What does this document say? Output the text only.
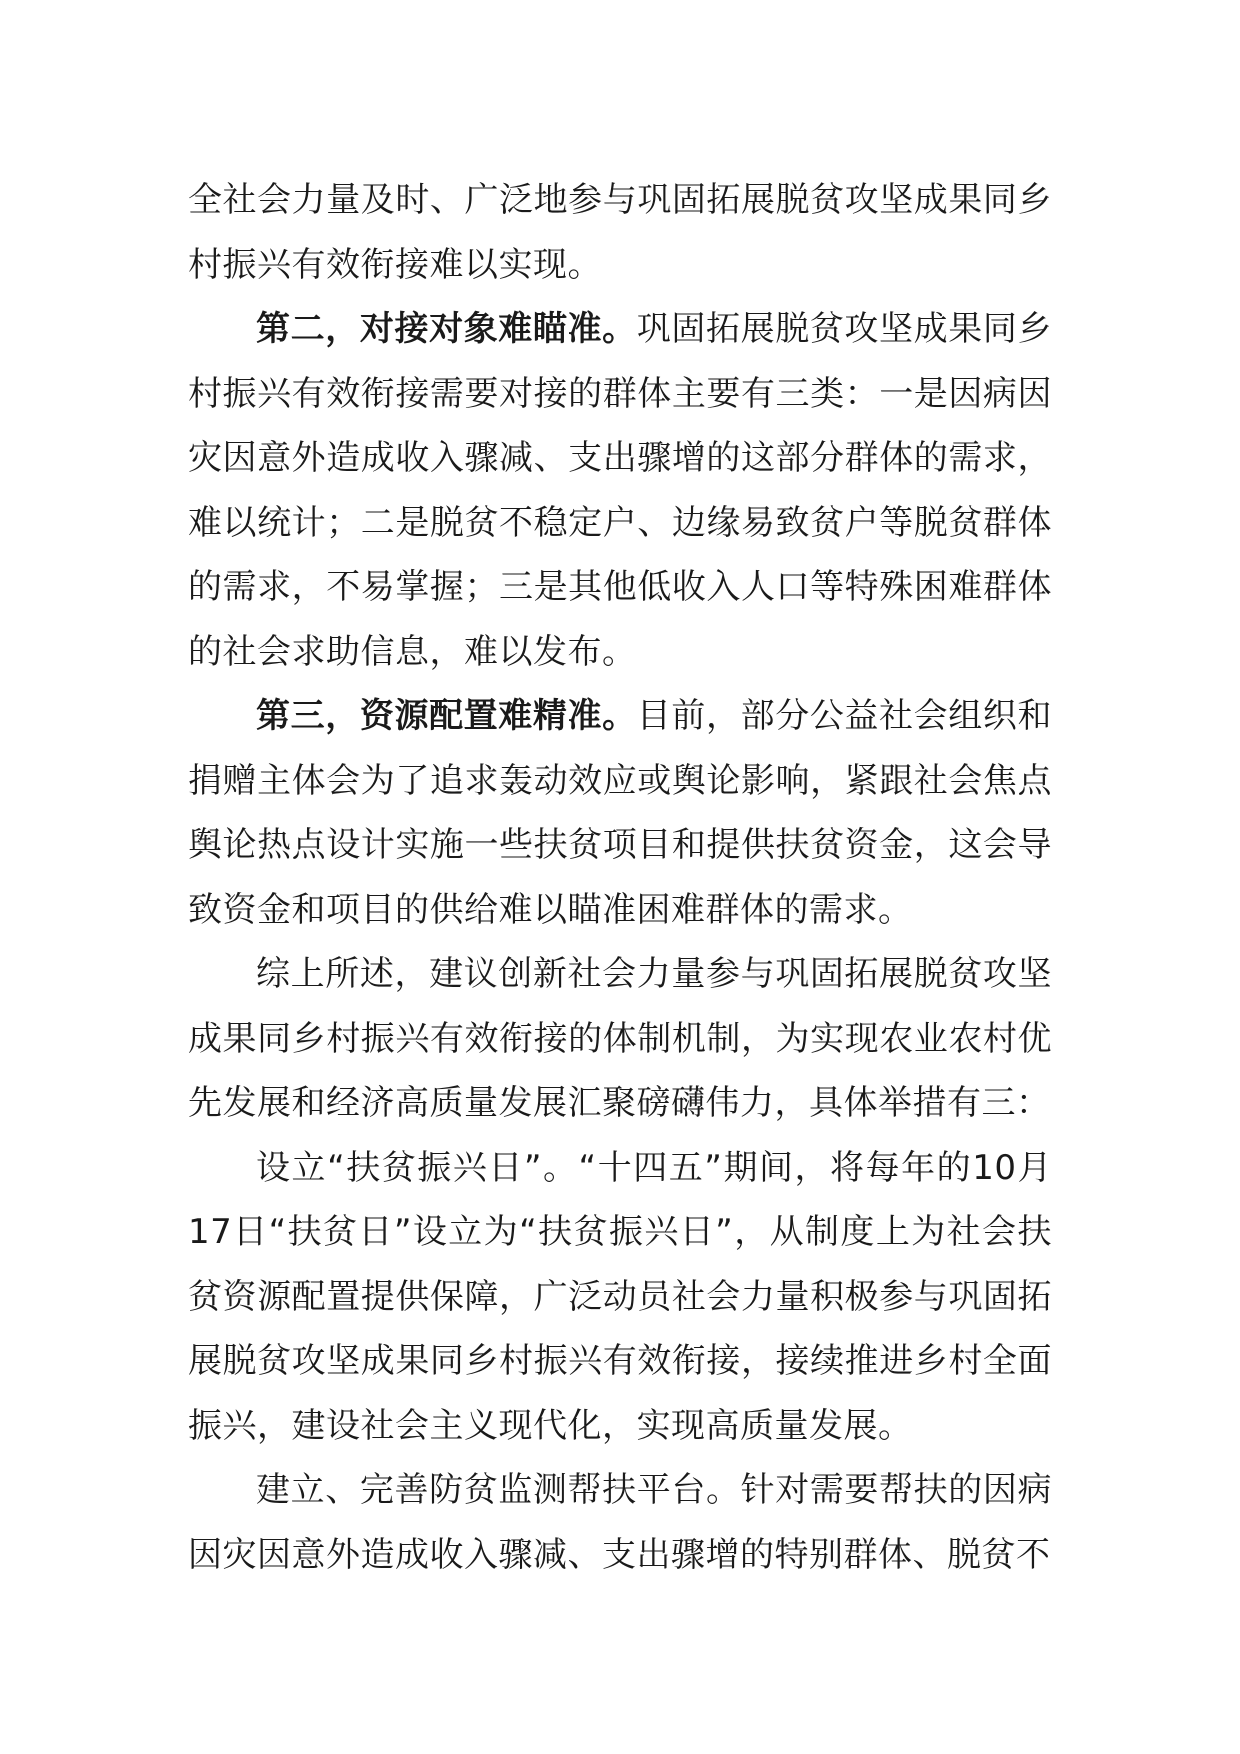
全社会力量及时、广泛地参与巩固拓展脱贫攻坚成果同乡村振兴有效衔接难以实现。

第二，对接对象难瞄准。巩固拓展脱贫攻坚成果同乡村振兴有效衔接需要对接的群体主要有三类：一是因病因灾因意外造成收入骤减、支出骤增的这部分群体的需求，难以统计；二是脱贫不稳定户、边缘易致贫户等脱贫群体的需求，不易掌握；三是其他低收入人口等特殊困难群体的社会求助信息，难以发布。

第三，资源配置难精准。目前，部分公益社会组织和捐赠主体会为了追求轰动效应或舆论影响，紧跟社会焦点舆论热点设计实施一些扶贫项目和提供扶贫资金，这会导致资金和项目的供给难以瞄准困难群体的需求。

综上所述，建议创新社会力量参与巩固拓展脱贫攻坚成果同乡村振兴有效衔接的体制机制，为实现农业农村优先发展和经济高质量发展汇聚磅礴伟力，具体举措有三：

设立“扶贫振兴日”。“十四五”期间，将每年的10月17日“扶贫日”设立为“扶贫振兴日”，从制度上为社会扶贫资源配置提供保障，广泛动员社会力量积极参与巩固拓展脱贫攻坚成果同乡村振兴有效衔接，接续推进乡村全面振兴，建设社会主义现代化，实现高质量发展。

建立、完善防贫监测帮扶平台。针对需要帮扶的因病因灾因意外造成收入骤减、支出骤增的特别群体、脱贫不
